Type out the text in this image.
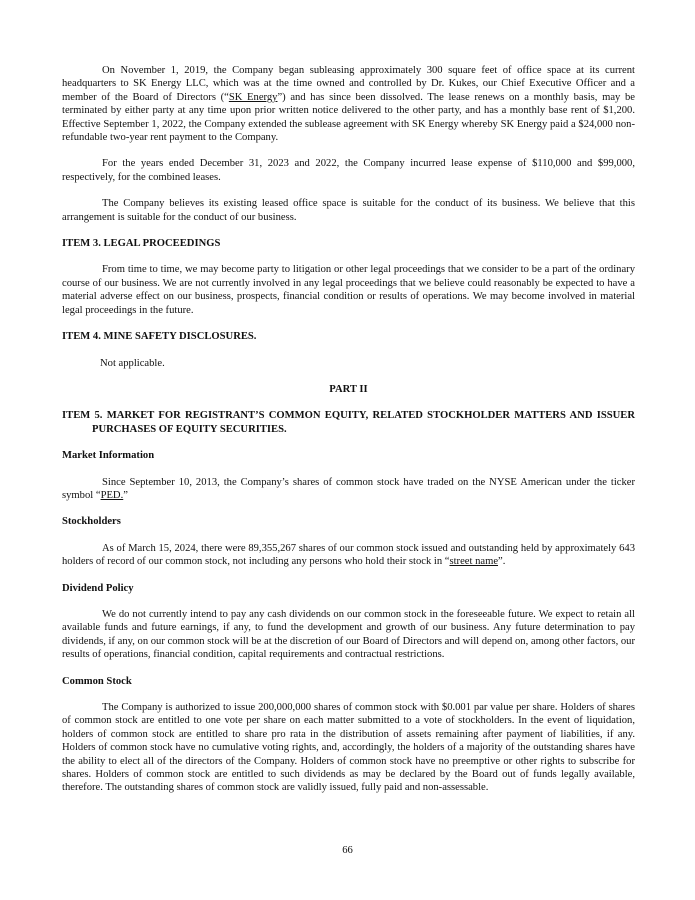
On November 1, 2019, the Company began subleasing approximately 300 square feet of office space at its current headquarters to SK Energy LLC, which was at the time owned and controlled by Dr. Kukes, our Chief Executive Officer and a member of the Board of Directors (“SK Energy”) and has since been dissolved. The lease renews on a monthly basis, may be terminated by either party at any time upon prior written notice delivered to the other party, and has a monthly base rent of $1,200. Effective September 1, 2022, the Company extended the sublease agreement with SK Energy whereby SK Energy paid a $24,000 non-refundable two-year rent payment to the Company.

For the years ended December 31, 2023 and 2022, the Company incurred lease expense of $110,000 and $99,000, respectively, for the combined leases.

The Company believes its existing leased office space is suitable for the conduct of its business. We believe that this arrangement is suitable for the conduct of our business.

ITEM 3. LEGAL PROCEEDINGS

From time to time, we may become party to litigation or other legal proceedings that we consider to be a part of the ordinary course of our business. We are not currently involved in any legal proceedings that we believe could reasonably be expected to have a material adverse effect on our business, prospects, financial condition or results of operations. We may become involved in material legal proceedings in the future.

ITEM 4. MINE SAFETY DISCLOSURES.

Not applicable.

PART II

ITEM 5. MARKET FOR REGISTRANT’S COMMON EQUITY, RELATED STOCKHOLDER MATTERS AND ISSUER PURCHASES OF EQUITY SECURITIES.

Market Information

Since September 10, 2013, the Company’s shares of common stock have traded on the NYSE American under the ticker symbol “PED.”

Stockholders

As of March 15, 2024, there were 89,355,267 shares of our common stock issued and outstanding held by approximately 643 holders of record of our common stock, not including any persons who hold their stock in “street name”.

Dividend Policy

We do not currently intend to pay any cash dividends on our common stock in the foreseeable future. We expect to retain all available funds and future earnings, if any, to fund the development and growth of our business. Any future determination to pay dividends, if any, on our common stock will be at the discretion of our Board of Directors and will depend on, among other factors, our results of operations, financial condition, capital requirements and contractual restrictions.

Common Stock

The Company is authorized to issue 200,000,000 shares of common stock with $0.001 par value per share. Holders of shares of common stock are entitled to one vote per share on each matter submitted to a vote of stockholders. In the event of liquidation, holders of common stock are entitled to share pro rata in the distribution of assets remaining after payment of liabilities, if any. Holders of common stock have no cumulative voting rights, and, accordingly, the holders of a majority of the outstanding shares have the ability to elect all of the directors of the Company. Holders of common stock have no preemptive or other rights to subscribe for shares. Holders of common stock are entitled to such dividends as may be declared by the Board out of funds legally available, therefore. The outstanding shares of common stock are validly issued, fully paid and non-assessable.

66
